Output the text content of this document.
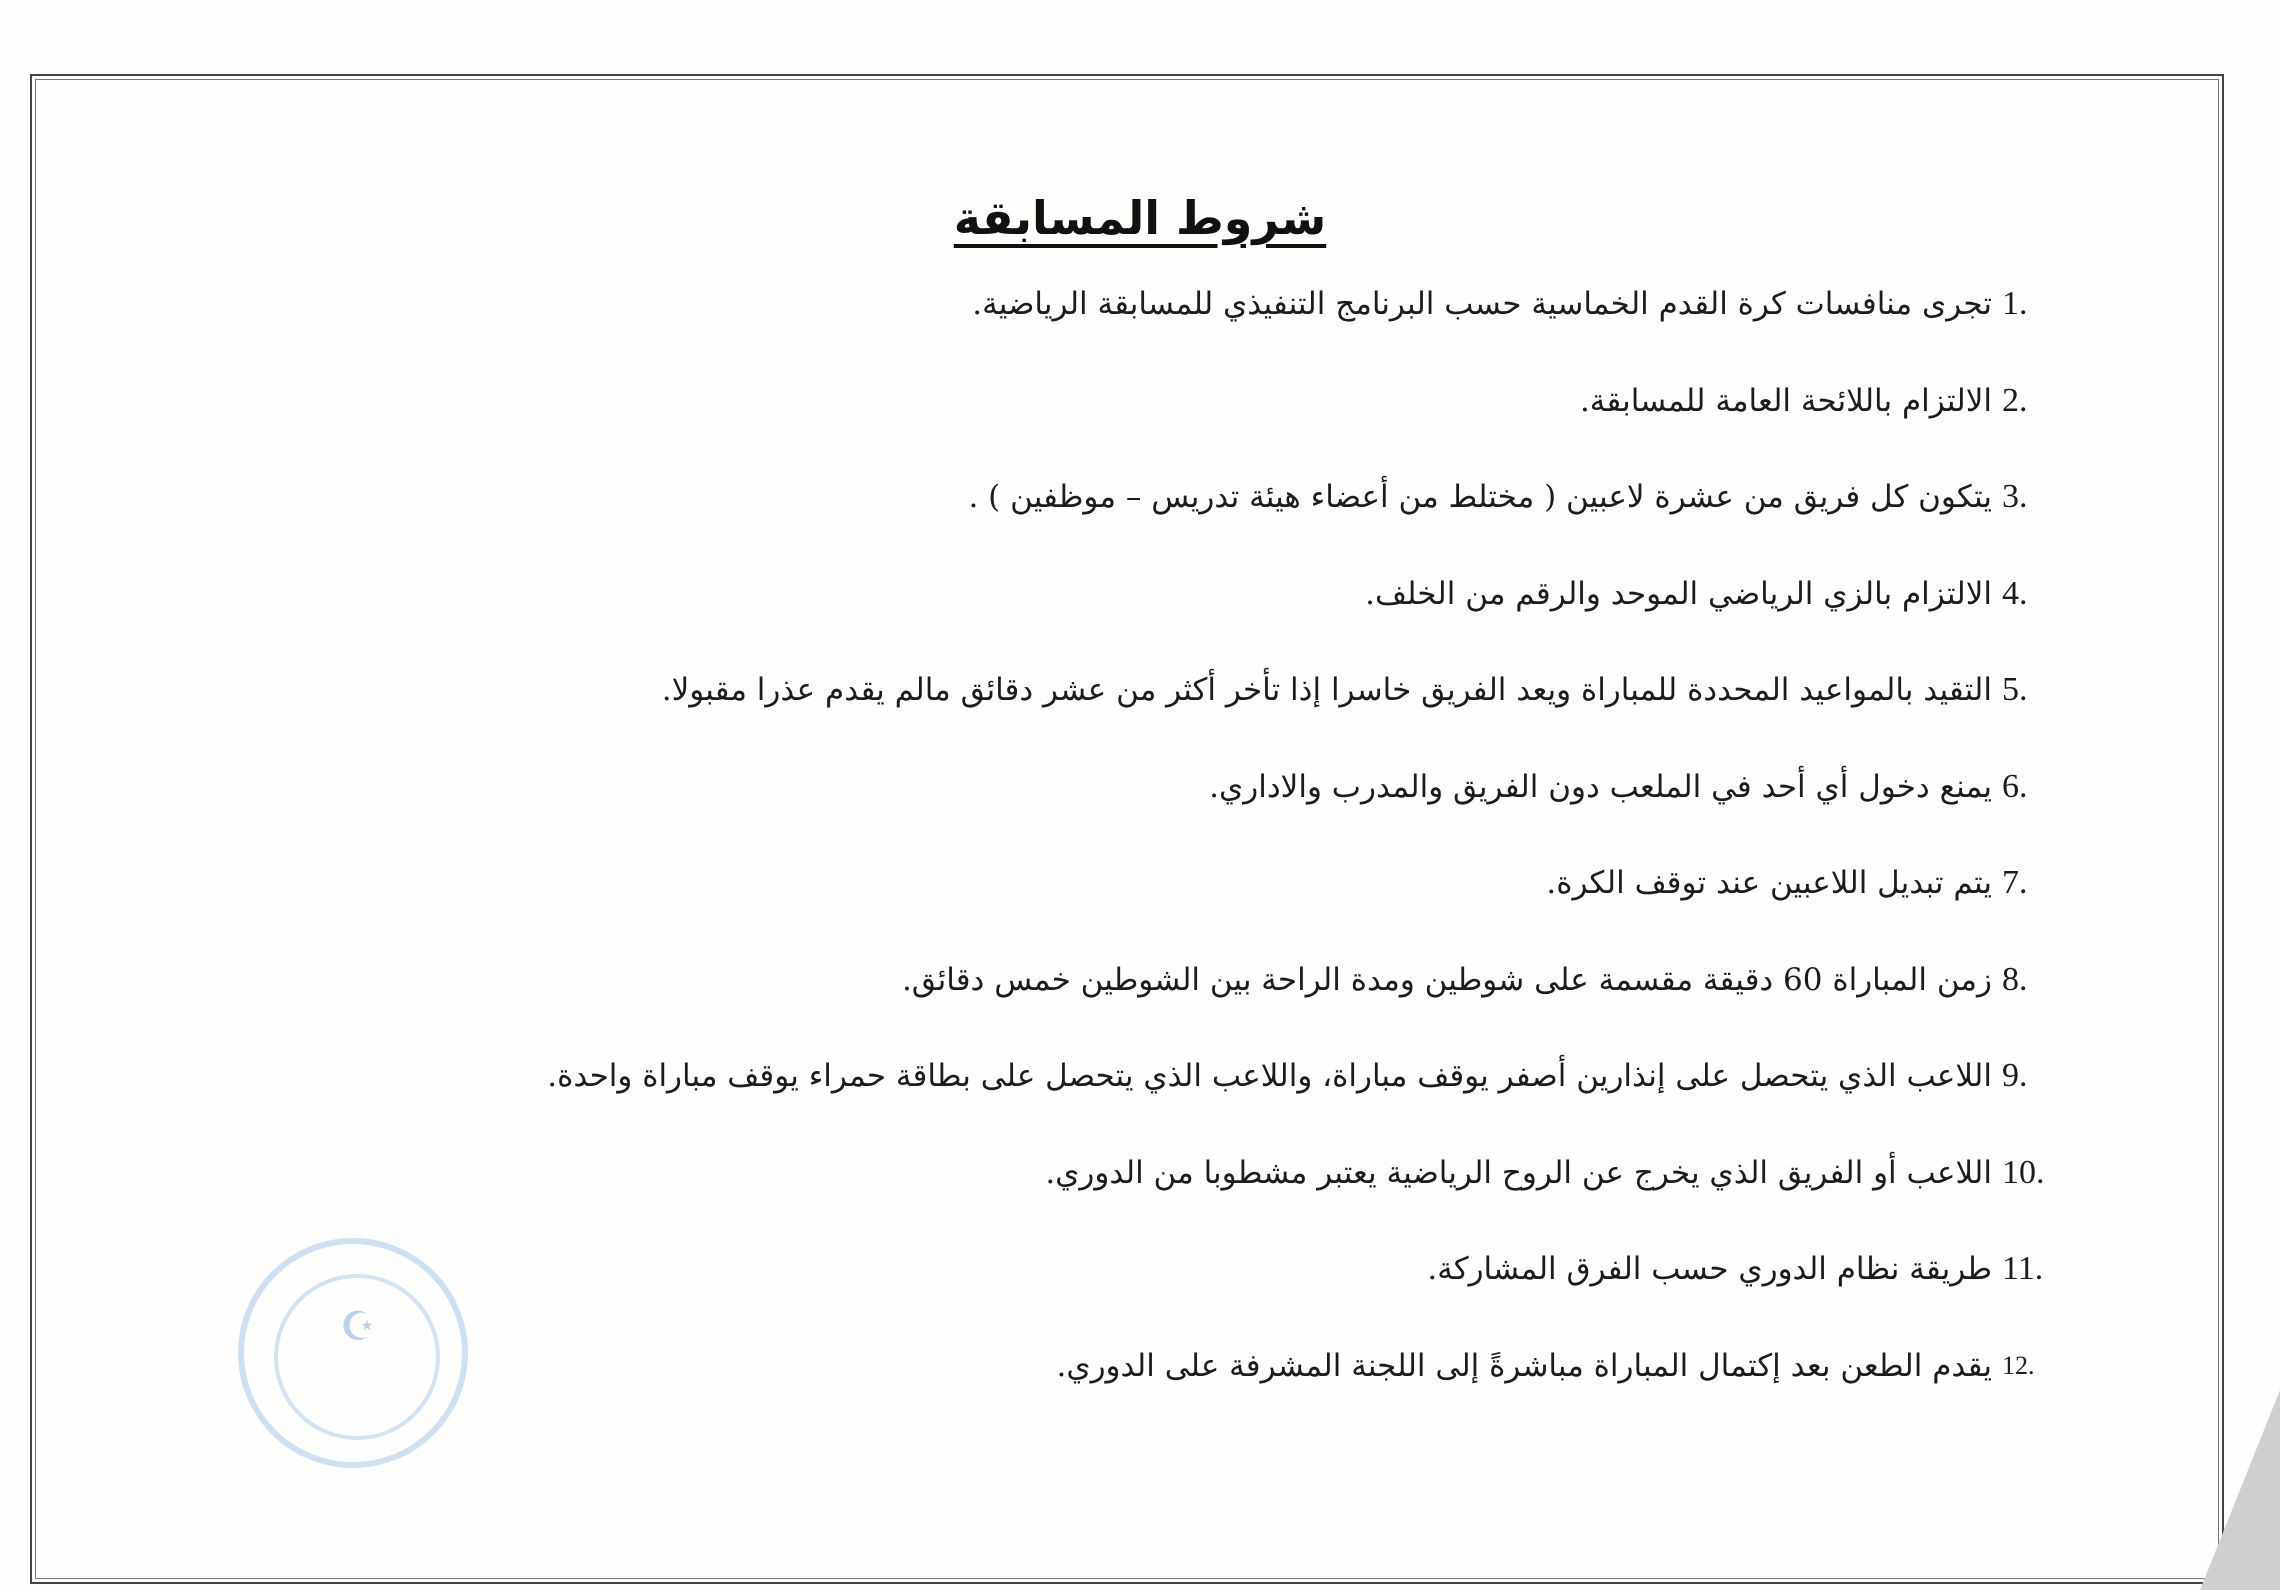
شروط المسابقة
1.
تجرى منافسات كرة القدم الخماسية حسب البرنامج التنفيذي للمسابقة الرياضية.
2.
الالتزام باللائحة العامة للمسابقة.
3.
يتكون كل فريق من عشرة لاعبين ( مختلط من أعضاء هيئة تدريس – موظفين ) .
4.
الالتزام بالزي الرياضي الموحد والرقم من الخلف.
5.
التقيد بالمواعيد المحددة للمباراة ويعد الفريق خاسرا إذا تأخر أكثر من عشر دقائق مالم يقدم عذرا مقبولا.
6.
يمنع دخول أي أحد في الملعب دون الفريق والمدرب والاداري.
7.
يتم تبديل اللاعبين عند توقف الكرة.
8.
زمن المباراة 60 دقيقة مقسمة على شوطين ومدة الراحة بين الشوطين خمس دقائق.
9.
اللاعب الذي يتحصل على إنذارين أصفر يوقف مباراة، واللاعب الذي يتحصل على بطاقة حمراء يوقف مباراة واحدة.
10.
اللاعب أو الفريق الذي يخرج عن الروح الرياضية يعتبر مشطوبا من الدوري.
11.
طريقة نظام الدوري حسب الفرق المشاركة.
12.
يقدم الطعن بعد إكتمال المباراة مباشرةً إلى اللجنة المشرفة على الدوري.
☪
